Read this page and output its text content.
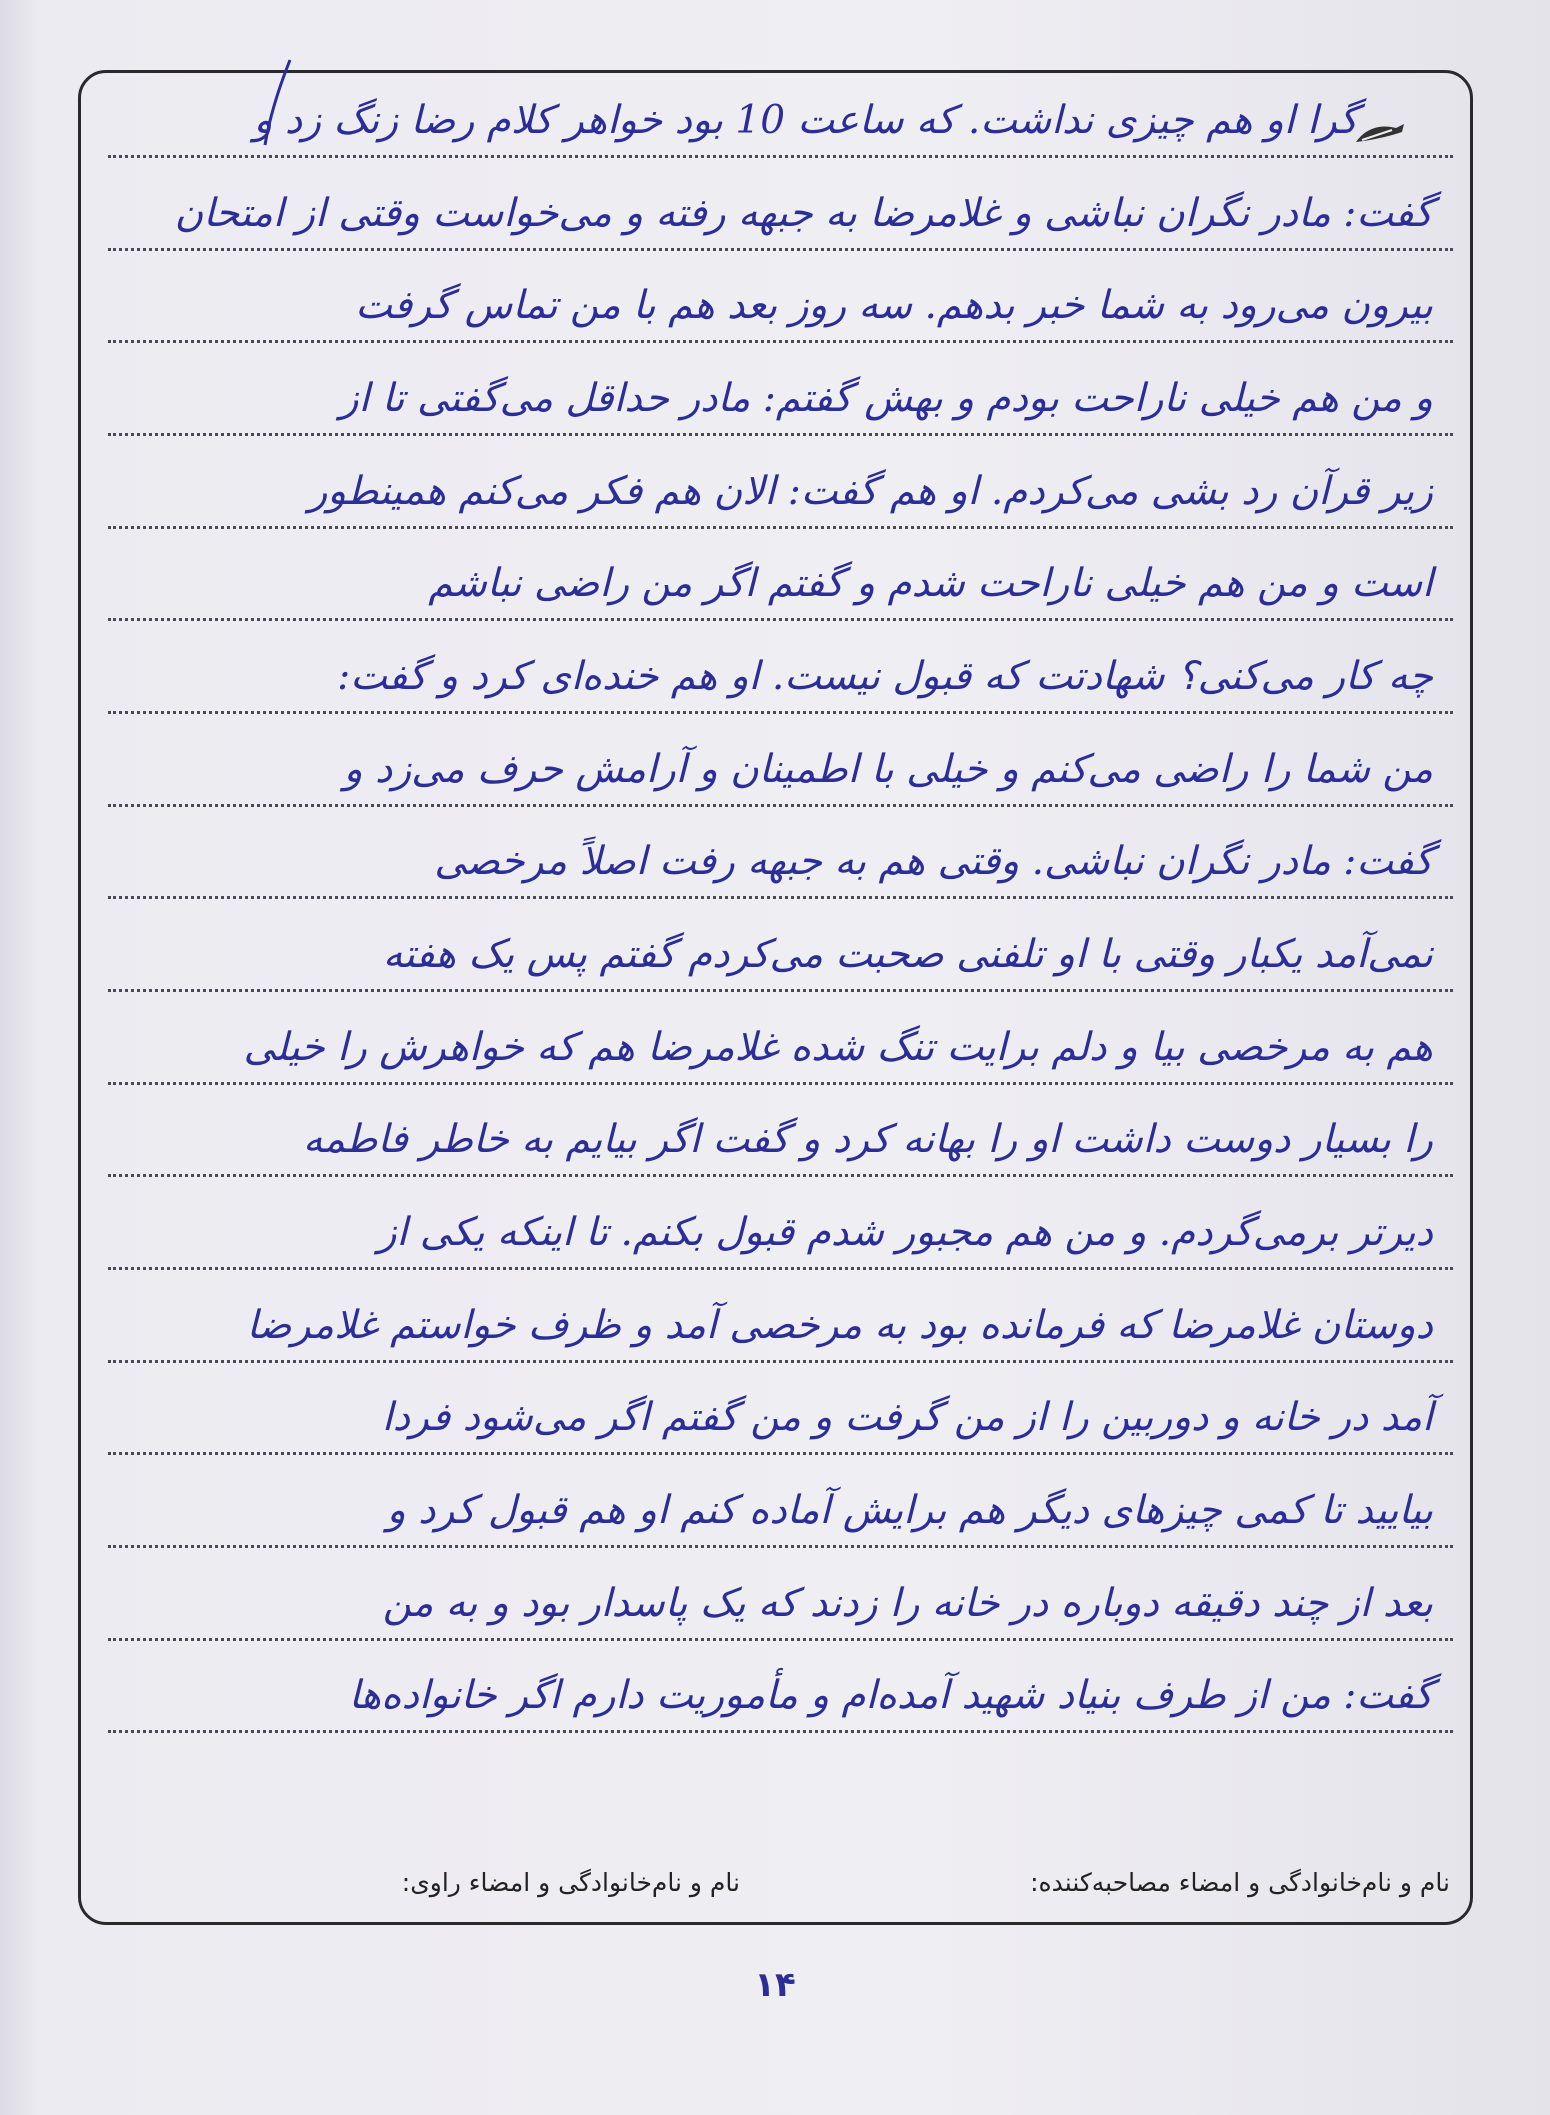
گرا او هم چیزی نداشت. که ساعت 10 بود خواهر کلام رضا زنگ زد و
گفت: مادر نگران نباشی و غلامرضا به جبهه رفته و می‌خواست وقتی از امتحان
بیرون می‌رود به شما خبر بدهم. سه روز بعد هم با من تماس گرفت
و من هم خیلی ناراحت بودم و بهش گفتم: مادر حداقل می‌گفتی تا از
زیر قرآن رد بشی می‌کردم. او هم گفت: الان هم فکر می‌کنم همینطور
است و من هم خیلی ناراحت شدم و گفتم اگر من راضی نباشم
چه کار می‌کنی؟ شهادتت که قبول نیست. او هم خنده‌ای کرد و گفت:
من شما را راضی می‌کنم و خیلی با اطمینان و آرامش حرف می‌زد و
گفت: مادر نگران نباشی. وقتی هم به جبهه رفت اصلاً مرخصی
نمی‌آمد یکبار وقتی با او تلفنی صحبت می‌کردم گفتم پس یک هفته
هم به مرخصی بیا و دلم برایت تنگ شده غلامرضا هم که خواهرش را خیلی
را بسیار دوست داشت او را بهانه کرد و گفت اگر بیایم به خاطر فاطمه
دیرتر برمی‌گردم. و من هم مجبور شدم قبول بکنم. تا اینکه یکی از
دوستان غلامرضا که فرمانده بود به مرخصی آمد و ظرف خواستم غلامرضا
آمد در خانه و دوربین را از من گرفت و من گفتم اگر می‌شود فردا
بیایید تا کمی چیزهای دیگر هم برایش آماده کنم او هم قبول کرد و
بعد از چند دقیقه دوباره در خانه را زدند که یک پاسدار بود و به من
گفت: من از طرف بنیاد شهید آمده‌ام و مأموریت دارم اگر خانواده‌ها
نام و نام‌خانوادگی و امضاء مصاحبه‌کننده:
نام و نام‌خانوادگی و امضاء راوی:
۱۴
